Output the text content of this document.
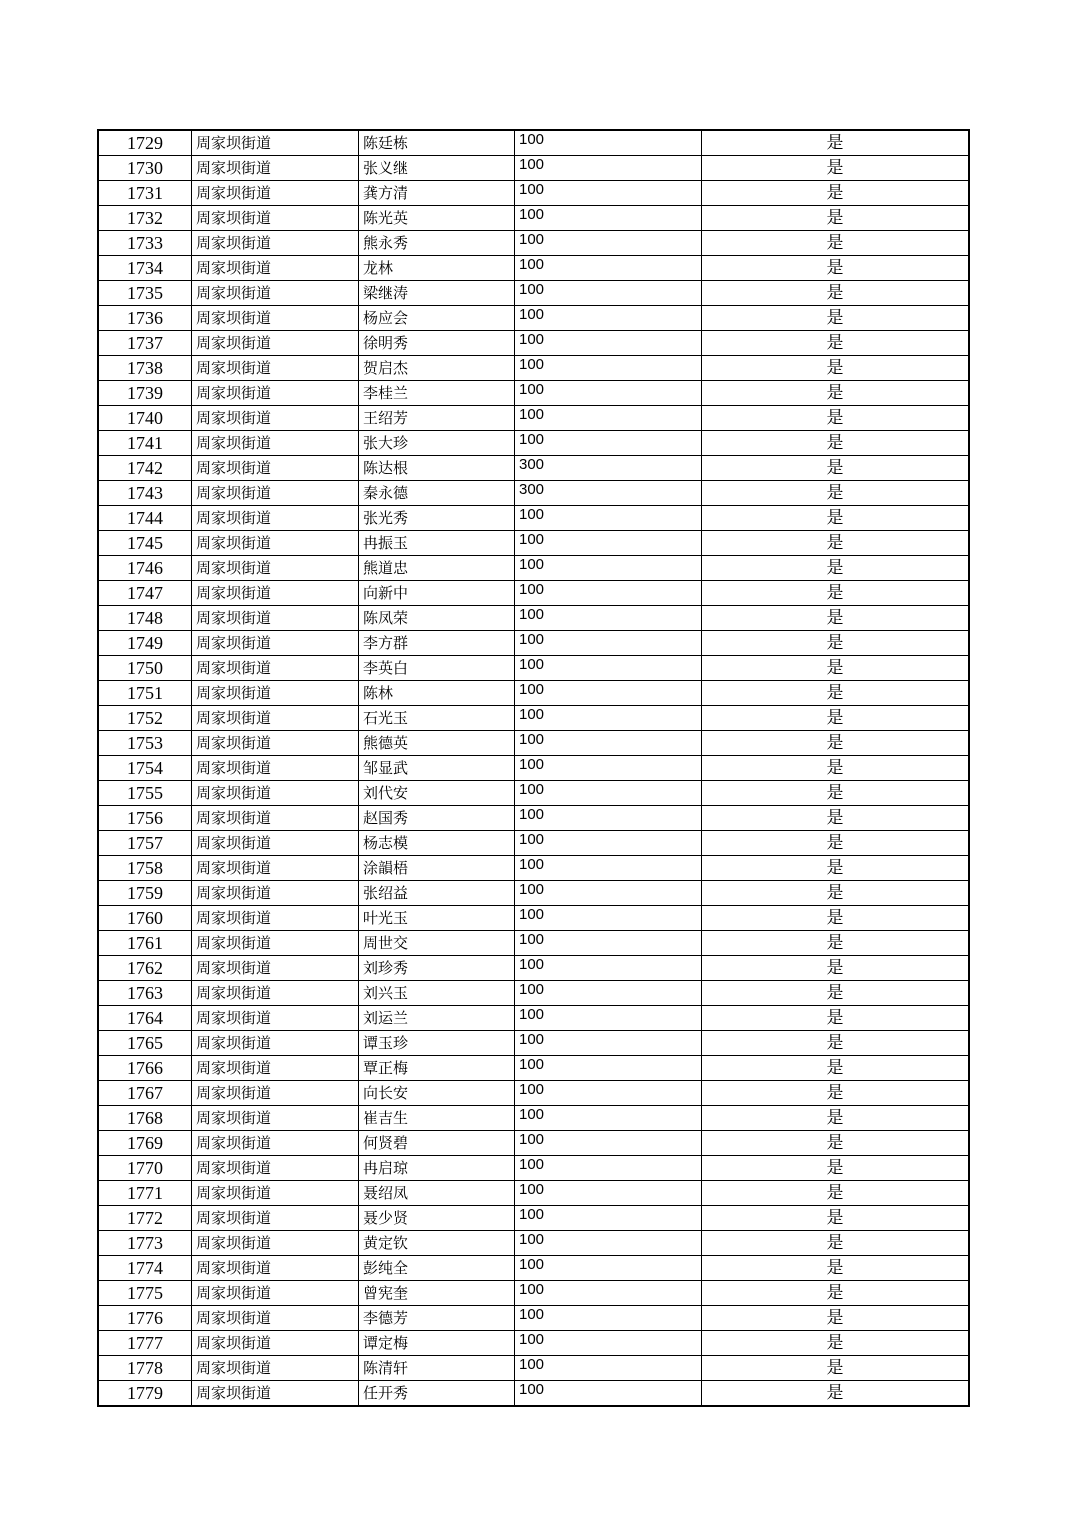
1729	周家坝街道	陈廷栋	100	是
1730	周家坝街道	张义继	100	是
1731	周家坝街道	龚方清	100	是
1732	周家坝街道	陈光英	100	是
1733	周家坝街道	熊永秀	100	是
1734	周家坝街道	龙林	100	是
1735	周家坝街道	梁继涛	100	是
1736	周家坝街道	杨应会	100	是
1737	周家坝街道	徐明秀	100	是
1738	周家坝街道	贺启杰	100	是
1739	周家坝街道	李桂兰	100	是
1740	周家坝街道	王绍芳	100	是
1741	周家坝街道	张大珍	100	是
1742	周家坝街道	陈达根	300	是
1743	周家坝街道	秦永德	300	是
1744	周家坝街道	张光秀	100	是
1745	周家坝街道	冉振玉	100	是
1746	周家坝街道	熊道忠	100	是
1747	周家坝街道	向新中	100	是
1748	周家坝街道	陈凤荣	100	是
1749	周家坝街道	李方群	100	是
1750	周家坝街道	李英白	100	是
1751	周家坝街道	陈林	100	是
1752	周家坝街道	石光玉	100	是
1753	周家坝街道	熊德英	100	是
1754	周家坝街道	邹显武	100	是
1755	周家坝街道	刘代安	100	是
1756	周家坝街道	赵国秀	100	是
1757	周家坝街道	杨志模	100	是
1758	周家坝街道	涂韻梧	100	是
1759	周家坝街道	张绍益	100	是
1760	周家坝街道	叶光玉	100	是
1761	周家坝街道	周世交	100	是
1762	周家坝街道	刘珍秀	100	是
1763	周家坝街道	刘兴玉	100	是
1764	周家坝街道	刘运兰	100	是
1765	周家坝街道	谭玉珍	100	是
1766	周家坝街道	覃正梅	100	是
1767	周家坝街道	向长安	100	是
1768	周家坝街道	崔吉生	100	是
1769	周家坝街道	何贤碧	100	是
1770	周家坝街道	冉启琼	100	是
1771	周家坝街道	聂绍凤	100	是
1772	周家坝街道	聂少贤	100	是
1773	周家坝街道	黄定钦	100	是
1774	周家坝街道	彭纯全	100	是
1775	周家坝街道	曾宪奎	100	是
1776	周家坝街道	李德芳	100	是
1777	周家坝街道	谭定梅	100	是
1778	周家坝街道	陈清轩	100	是
1779	周家坝街道	任开秀	100	是
